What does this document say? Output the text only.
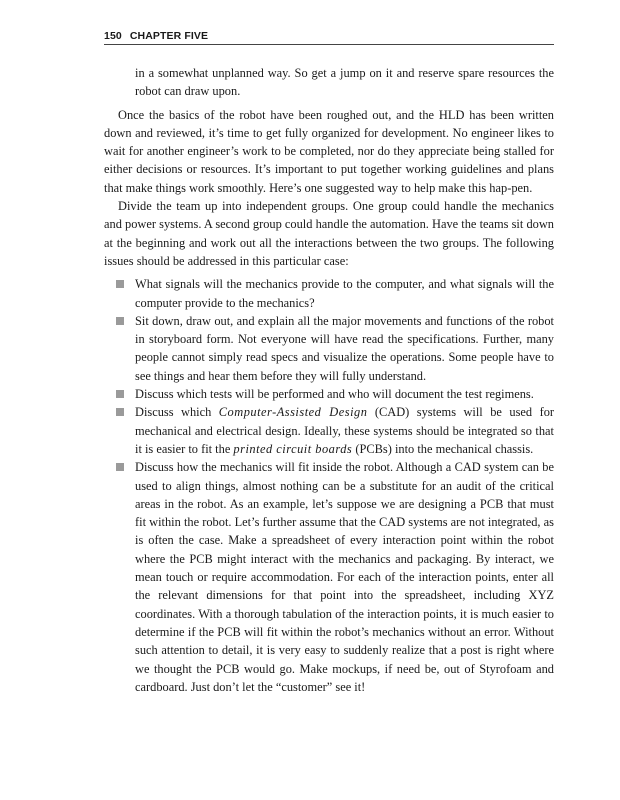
150 CHAPTER FIVE

in a somewhat unplanned way. So get a jump on it and reserve spare resources the robot can draw upon.

Once the basics of the robot have been roughed out, and the HLD has been written down and reviewed, it’s time to get fully organized for development. No engineer likes to wait for another engineer’s work to be completed, nor do they appreciate being stalled for either decisions or resources. It’s important to put together working guidelines and plans that make things work smoothly. Here’s one suggested way to help make this hap-pen.

Divide the team up into independent groups. One group could handle the mechanics and power systems. A second group could handle the automation. Have the teams sit down at the beginning and work out all the interactions between the two groups. The following issues should be addressed in this particular case:

What signals will the mechanics provide to the computer, and what signals will the computer provide to the mechanics?
Sit down, draw out, and explain all the major movements and functions of the robot in storyboard form. Not everyone will have read the specifications. Further, many people cannot simply read specs and visualize the operations. Some people have to see things and hear them before they will fully understand.
Discuss which tests will be performed and who will document the test regimens.
Discuss which Computer-Assisted Design (CAD) systems will be used for mechanical and electrical design. Ideally, these systems should be integrated so that it is easier to fit the printed circuit boards (PCBs) into the mechanical chassis.
Discuss how the mechanics will fit inside the robot. Although a CAD system can be used to align things, almost nothing can be a substitute for an audit of the critical areas in the robot. As an example, let’s suppose we are designing a PCB that must fit within the robot. Let’s further assume that the CAD systems are not integrated, as is often the case. Make a spreadsheet of every interaction point within the robot where the PCB might interact with the mechanics and packaging. By interact, we mean touch or require accommodation. For each of the interaction points, enter all the relevant dimensions for that point into the spreadsheet, including XYZ coordinates. With a thorough tabulation of the interaction points, it is much easier to determine if the PCB will fit within the robot’s mechanics without an error. Without such attention to detail, it is very easy to suddenly realize that a post is right where we thought the PCB would go. Make mockups, if need be, out of Styrofoam and cardboard. Just don’t let the “customer” see it!
